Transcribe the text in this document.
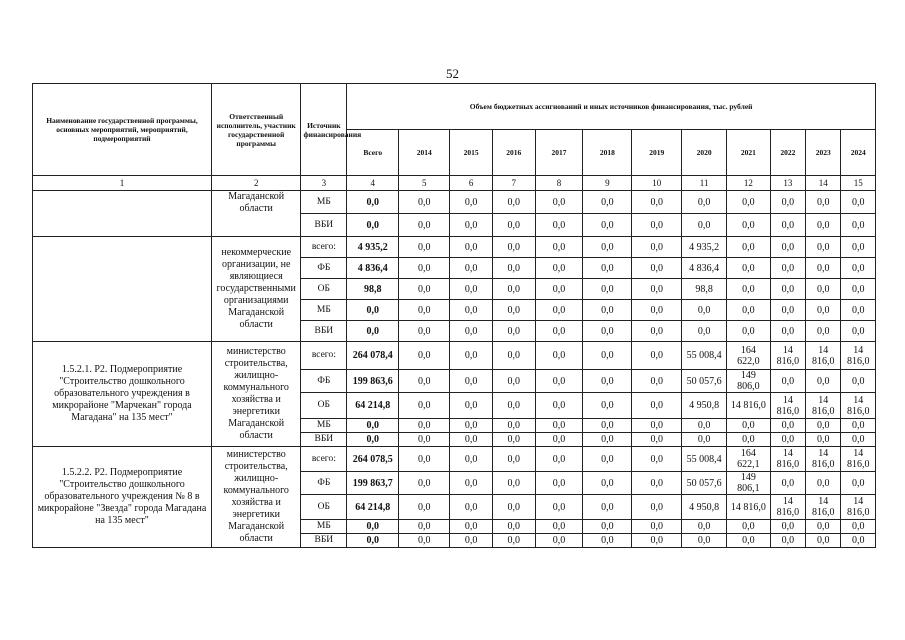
52
Наименование государственной программы, основных мероприятий, мероприятий, подмероприятий	Ответственный исполнитель, участник государственной программы	Источник финансирования	Объем бюджетных ассигнований и иных источников финансирования, тыс. рублей											
			Всего	2014	2015	2016	2017	2018	2019	2020	2021	2022	2023	2024
1	2	3	4	5	6	7	8	9	10	11	12	13	14	15
	Магаданской области	МБ	0,0	0,0	0,0	0,0	0,0	0,0	0,0	0,0	0,0	0,0	0,0	0,0
		ВБИ	0,0	0,0	0,0	0,0	0,0	0,0	0,0	0,0	0,0	0,0	0,0	0,0
	некоммерческие организации, не являющиеся государственными организациями Магаданской области	всего:	4 935,2	0,0	0,0	0,0	0,0	0,0	0,0	4 935,2	0,0	0,0	0,0	0,0
		ФБ	4 836,4	0,0	0,0	0,0	0,0	0,0	0,0	4 836,4	0,0	0,0	0,0	0,0
		ОБ	98,8	0,0	0,0	0,0	0,0	0,0	0,0	98,8	0,0	0,0	0,0	0,0
		МБ	0,0	0,0	0,0	0,0	0,0	0,0	0,0	0,0	0,0	0,0	0,0	0,0
		ВБИ	0,0	0,0	0,0	0,0	0,0	0,0	0,0	0,0	0,0	0,0	0,0	0,0
1.5.2.1. Р2. Подмероприятие "Строительство дошкольного образовательного учреждения в микрорайоне "Марчекан" города Магадана" на 135 мест"	министерство строительства, жилищно-коммунального хозяйства и энергетики Магаданской области	всего:	264 078,4	0,0	0,0	0,0	0,0	0,0	0,0	55 008,4	164 622,0	14 816,0	14 816,0	14 816,0
		ФБ	199 863,6	0,0	0,0	0,0	0,0	0,0	0,0	50 057,6	149 806,0	0,0	0,0	0,0
		ОБ	64 214,8	0,0	0,0	0,0	0,0	0,0	0,0	4 950,8	14 816,0	14 816,0	14 816,0	14 816,0
		МБ	0,0	0,0	0,0	0,0	0,0	0,0	0,0	0,0	0,0	0,0	0,0	0,0
		ВБИ	0,0	0,0	0,0	0,0	0,0	0,0	0,0	0,0	0,0	0,0	0,0	0,0
1.5.2.2. Р2. Подмероприятие "Строительство дошкольного образовательного учреждения № 8 в микрорайоне "Звезда" города Магадана на 135 мест"	министерство строительства, жилищно-коммунального хозяйства и энергетики Магаданской области	всего:	264 078,5	0,0	0,0	0,0	0,0	0,0	0,0	55 008,4	164 622,1	14 816,0	14 816,0	14 816,0
		ФБ	199 863,7	0,0	0,0	0,0	0,0	0,0	0,0	50 057,6	149 806,1	0,0	0,0	0,0
		ОБ	64 214,8	0,0	0,0	0,0	0,0	0,0	0,0	4 950,8	14 816,0	14 816,0	14 816,0	14 816,0
		МБ	0,0	0,0	0,0	0,0	0,0	0,0	0,0	0,0	0,0	0,0	0,0	0,0
		ВБИ	0,0	0,0	0,0	0,0	0,0	0,0	0,0	0,0	0,0	0,0	0,0	0,0
